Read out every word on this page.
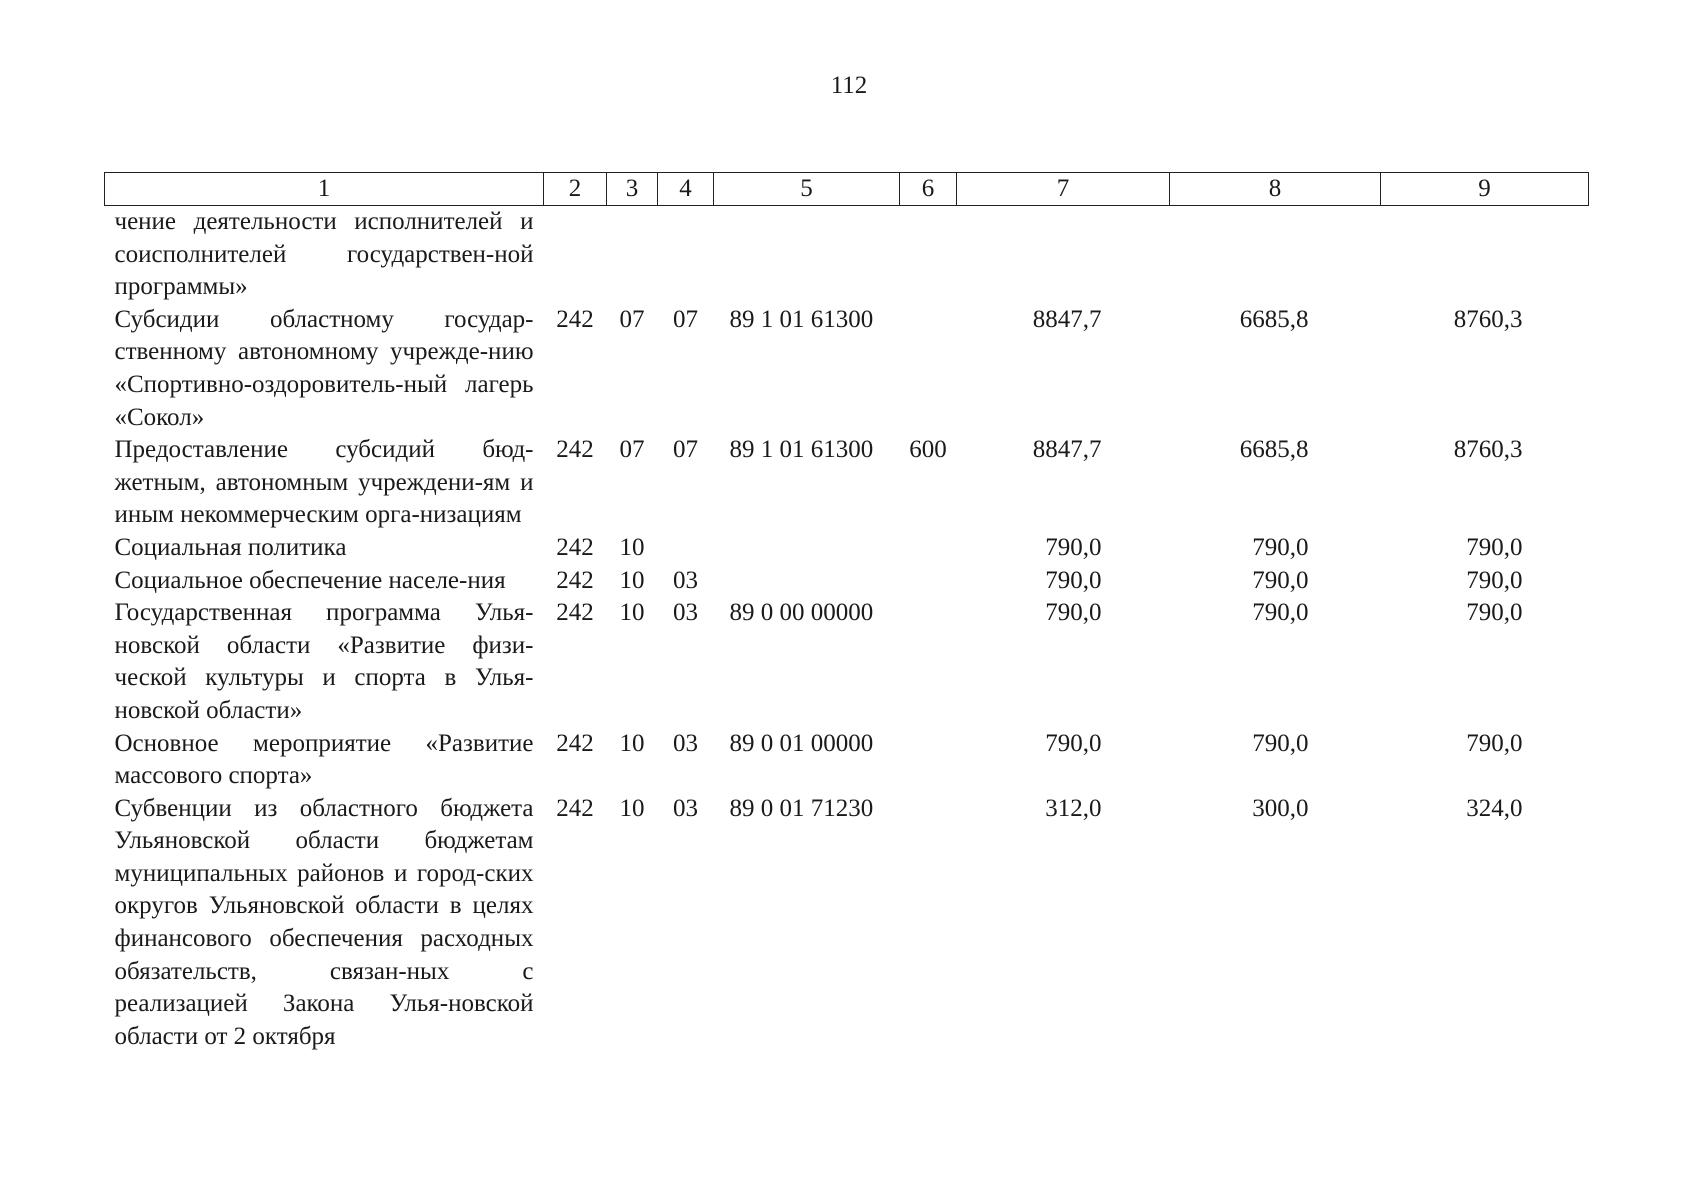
112
1	2	3	4	5	6	7	8	9
чение деятельности исполнителей и соисполнителей государствен-ной программы»								
Субсидии областному государ-ственному автономному учрежде-нию «Спортивно-оздоровитель-ный лагерь «Сокол»	242	07	07	89 1 01 61300		8847,7	6685,8	8760,3
Предоставление субсидий бюд-жетным, автономным учреждени-ям и иным некоммерческим орга-низациям	242	07	07	89 1 01 61300	600	8847,7	6685,8	8760,3
Социальная политика	242	10				790,0	790,0	790,0
Социальное обеспечение населе-ния	242	10	03			790,0	790,0	790,0
Государственная программа Улья-новской области «Развитие физи-ческой культуры и спорта в Улья-новской области»	242	10	03	89 0 00 00000		790,0	790,0	790,0
Основное мероприятие «Развитие массового спорта»	242	10	03	89 0 01 00000		790,0	790,0	790,0
Субвенции из областного бюджета Ульяновской области бюджетам муниципальных районов и город-ских округов Ульяновской области в целях финансового обеспечения расходных обязательств, связан-ных с реализацией Закона Улья-новской области от 2 октября	242	10	03	89 0 01 71230		312,0	300,0	324,0
